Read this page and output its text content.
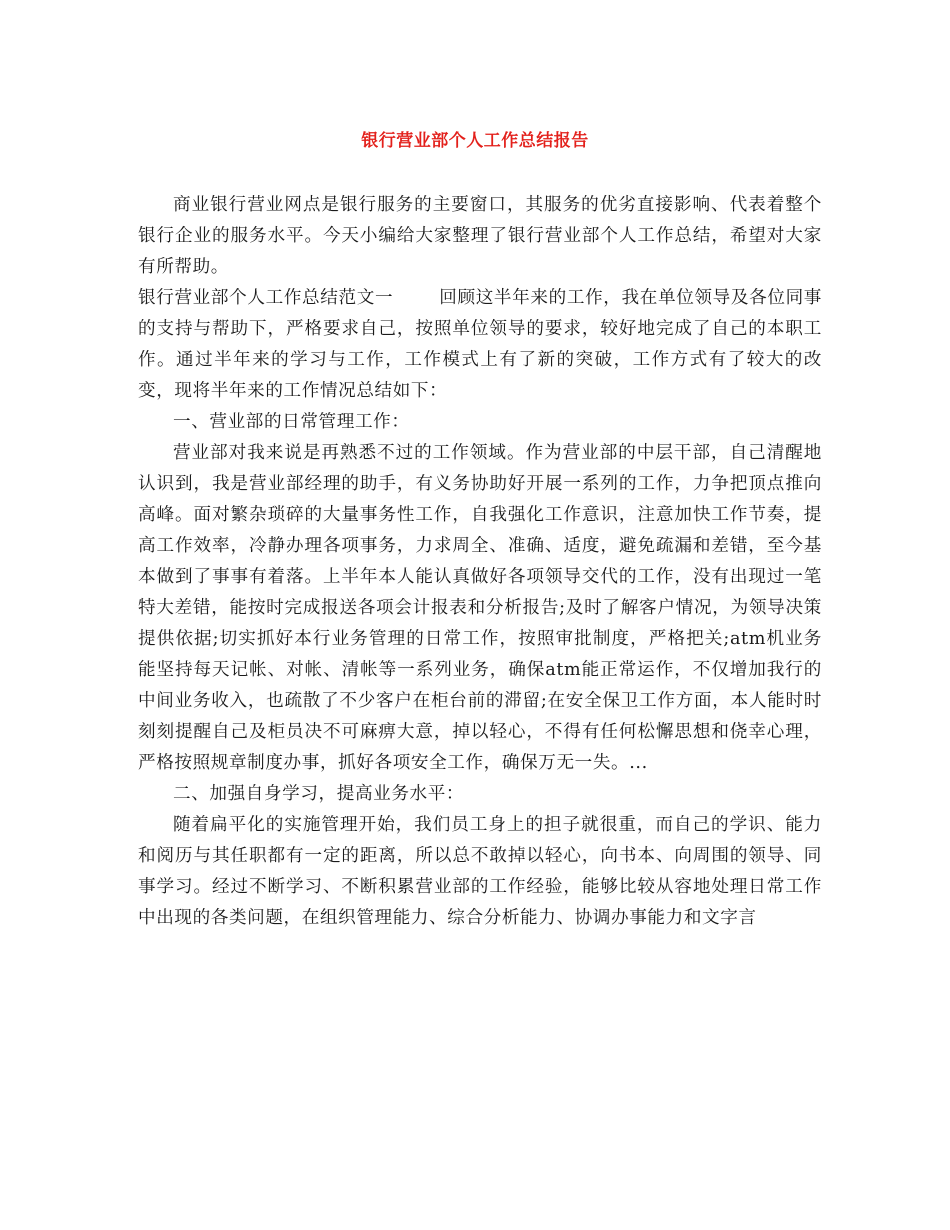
银行营业部个人工作总结报告

商业银行营业网点是银行服务的主要窗口，其服务的优劣直接影响、代表着整个银行企业的服务水平。今天小编给大家整理了银行营业部个人工作总结，希望对大家有所帮助。

银行营业部个人工作总结范文一	回顾这半年来的工作，我在单位领导及各位同事的支持与帮助下，严格要求自己，按照单位领导的要求，较好地完成了自己的本职工作。通过半年来的学习与工作，工作模式上有了新的突破，工作方式有了较大的改变，现将半年来的工作情况总结如下：

一、营业部的日常管理工作：

营业部对我来说是再熟悉不过的工作领域。作为营业部的中层干部，自己清醒地认识到，我是营业部经理的助手，有义务协助好开展一系列的工作，力争把顶点推向高峰。面对繁杂琐碎的大量事务性工作，自我强化工作意识，注意加快工作节奏，提高工作效率，冷静办理各项事务，力求周全、准确、适度，避免疏漏和差错，至今基本做到了事事有着落。上半年本人能认真做好各项领导交代的工作，没有出现过一笔特大差错，能按时完成报送各项会计报表和分析报告;及时了解客户情况，为领导决策提供依据;切实抓好本行业务管理的日常工作，按照审批制度，严格把关;atm机业务能坚持每天记帐、对帐、清帐等一系列业务，确保atm能正常运作，不仅增加我行的中间业务收入，也疏散了不少客户在柜台前的滞留;在安全保卫工作方面，本人能时时刻刻提醒自己及柜员决不可麻痹大意，掉以轻心，不得有任何松懈思想和侥幸心理，严格按照规章制度办事，抓好各项安全工作，确保万无一失。...

二、加强自身学习，提高业务水平：

随着扁平化的实施管理开始，我们员工身上的担子就很重，而自己的学识、能力和阅历与其任职都有一定的距离，所以总不敢掉以轻心，向书本、向周围的领导、同事学习。经过不断学习、不断积累营业部的工作经验，能够比较从容地处理日常工作中出现的各类问题，在组织管理能力、综合分析能力、协调办事能力和文字言
